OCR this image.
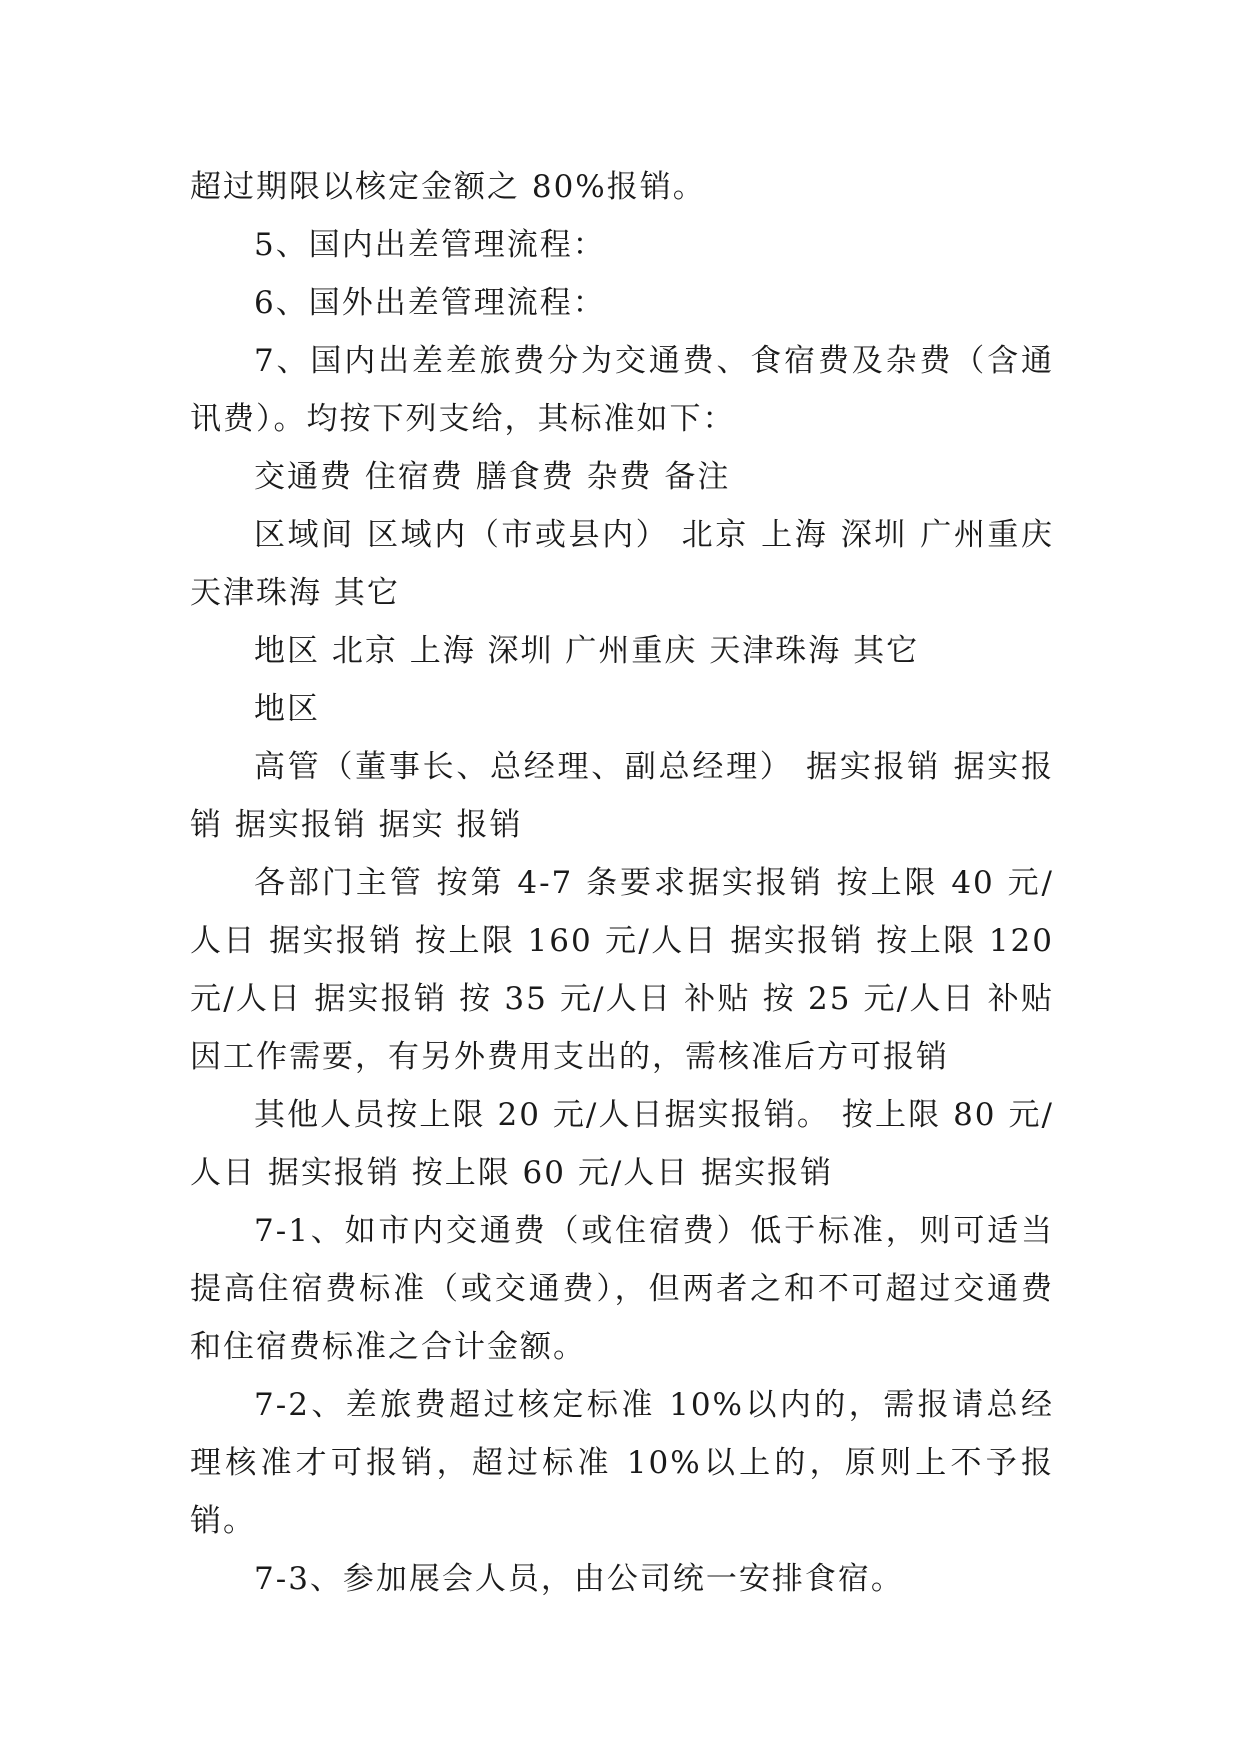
超过期限以核定金额之 80%报销。

5、国内出差管理流程：

6、国外出差管理流程：

7、国内出差差旅费分为交通费、食宿费及杂费（含通讯费）。均按下列支给，其标准如下：

交通费 住宿费 膳食费 杂费 备注

区域间 区域内（市或县内） 北京 上海 深圳 广州重庆 天津珠海 其它

地区 北京 上海 深圳 广州重庆 天津珠海 其它

地区

高管（董事长、总经理、副总经理） 据实报销 据实报销 据实报销 据实 报销

各部门主管 按第 4-7 条要求据实报销 按上限 40 元/人日 据实报销 按上限 160 元/人日 据实报销 按上限 120 元/人日 据实报销 按 35 元/人日 补贴 按 25 元/人日 补贴 因工作需要，有另外费用支出的，需核准后方可报销

其他人员按上限 20 元/人日据实报销。 按上限 80 元/人日 据实报销 按上限 60 元/人日 据实报销

7-1、如市内交通费（或住宿费）低于标准，则可适当提高住宿费标准（或交通费），但两者之和不可超过交通费和住宿费标准之合计金额。

7-2、差旅费超过核定标准 10%以内的，需报请总经理核准才可报销，超过标准 10%以上的，原则上不予报销。

7-3、参加展会人员，由公司统一安排食宿。
